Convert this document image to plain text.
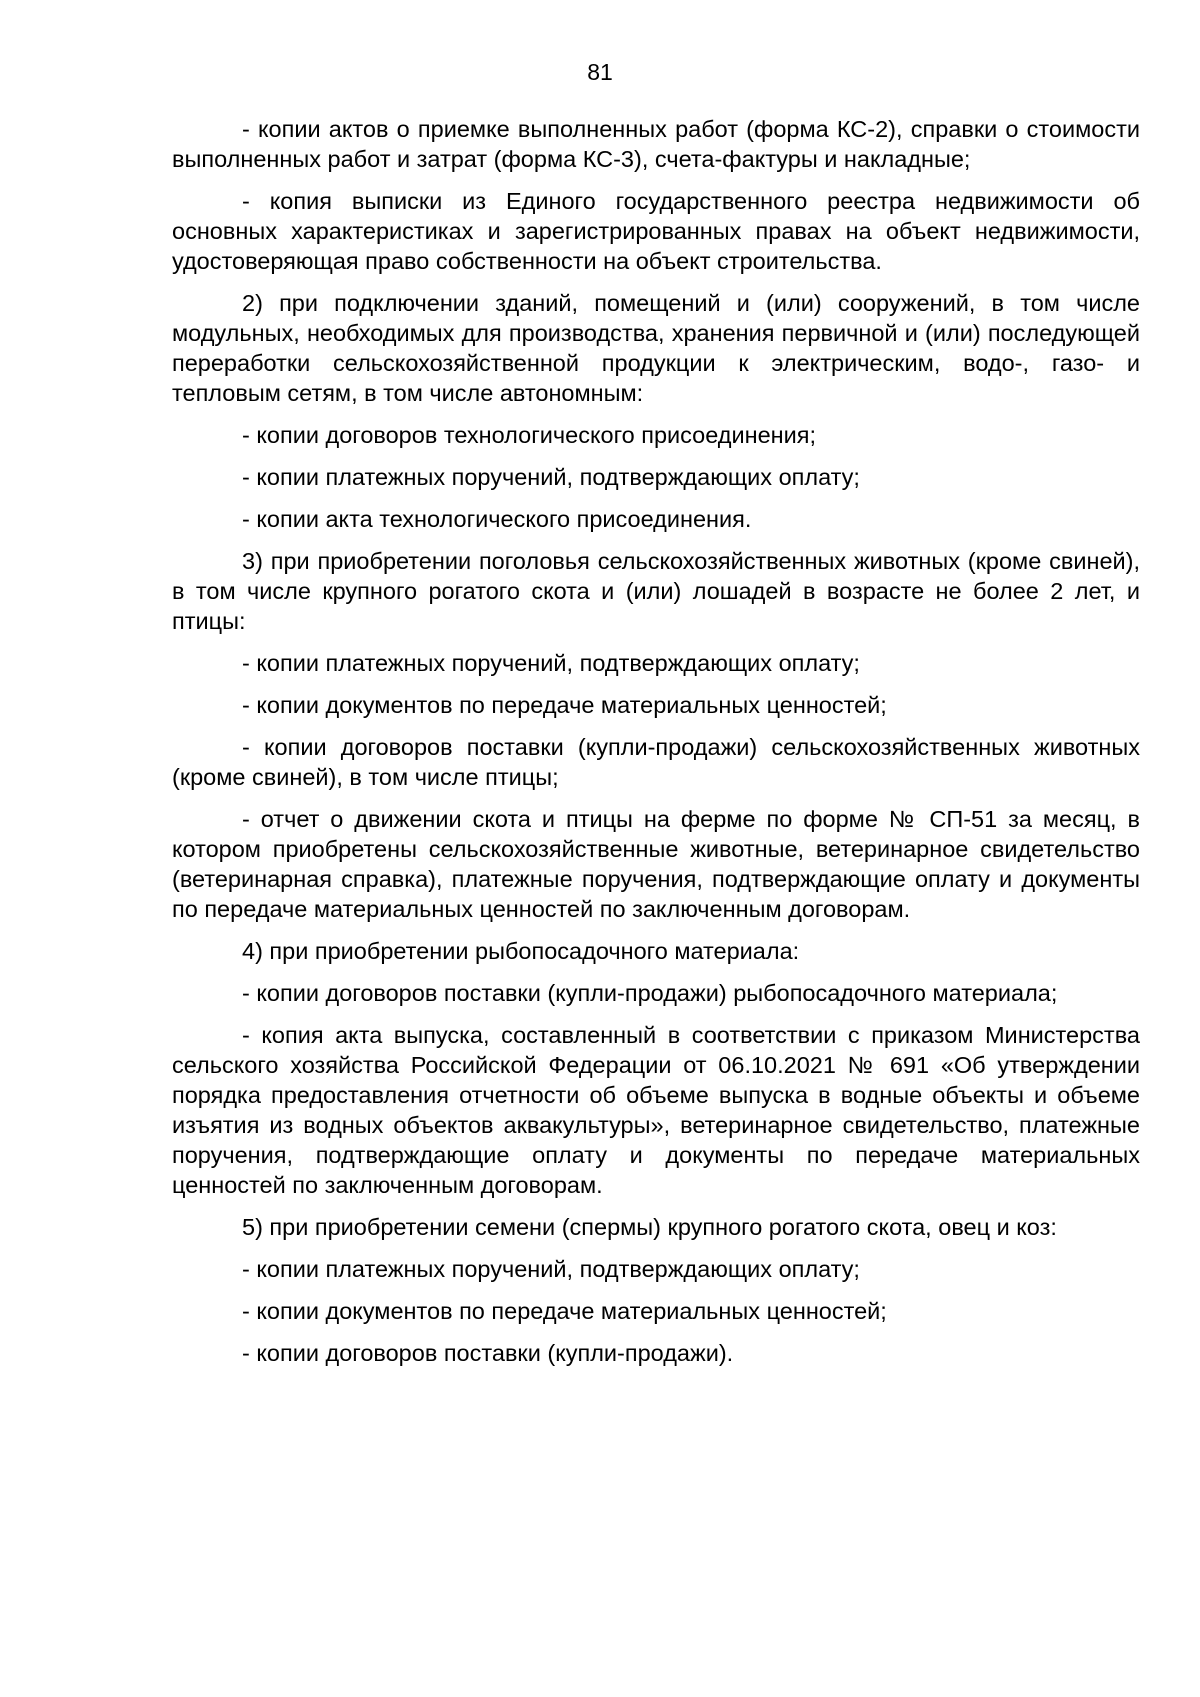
81

- копии актов о приемке выполненных работ (форма КС-2), справки о стоимости выполненных работ и затрат (форма КС-3), счета-фактуры и накладные;

- копия выписки из Единого государственного реестра недвижимости об основных характеристиках и зарегистрированных правах на объект недвижимости, удостоверяющая право собственности на объект строительства.

2) при подключении зданий, помещений и (или) сооружений, в том числе модульных, необходимых для производства, хранения первичной и (или) последующей переработки сельскохозяйственной продукции к электрическим, водо-, газо- и тепловым сетям, в том числе автономным:

- копии договоров технологического присоединения;

- копии платежных поручений, подтверждающих оплату;

- копии акта технологического присоединения.

3) при приобретении поголовья сельскохозяйственных животных (кроме свиней), в том числе крупного рогатого скота и (или) лошадей в возрасте не более 2 лет, и птицы:

- копии платежных поручений, подтверждающих оплату;

- копии документов по передаче материальных ценностей;

- копии договоров поставки (купли-продажи) сельскохозяйственных животных (кроме свиней), в том числе птицы;

- отчет о движении скота и птицы на ферме по форме № СП-51 за месяц, в котором приобретены сельскохозяйственные животные, ветеринарное свидетельство (ветеринарная справка), платежные поручения, подтверждающие оплату и документы по передаче материальных ценностей по заключенным договорам.

4) при приобретении рыбопосадочного материала:

- копии договоров поставки (купли-продажи) рыбопосадочного материала;

- копия акта выпуска, составленный в соответствии с приказом Министерства сельского хозяйства Российской Федерации от 06.10.2021 № 691 «Об утверждении порядка предоставления отчетности об объеме выпуска в водные объекты и объеме изъятия из водных объектов аквакультуры», ветеринарное свидетельство, платежные поручения, подтверждающие оплату и документы по передаче материальных ценностей по заключенным договорам.

5) при приобретении семени (спермы) крупного рогатого скота, овец и коз:

- копии платежных поручений, подтверждающих оплату;

- копии документов по передаче материальных ценностей;

- копии договоров поставки (купли-продажи).
